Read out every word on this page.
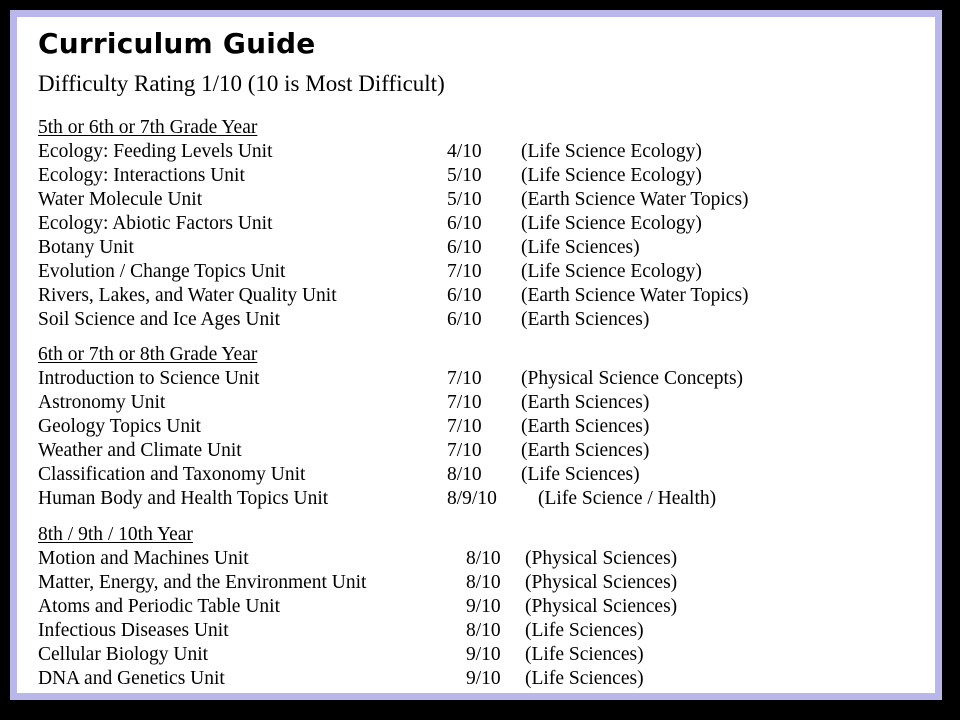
Curriculum Guide
Difficulty Rating 1/10 (10 is Most Difficult)
5th or 6th or 7th Grade Year
Ecology: Feeding Levels Unit	4/10 (Life Science Ecology)
Ecology: Interactions Unit	5/10 (Life Science Ecology)
Water Molecule Unit	5/10 (Earth Science Water Topics)
Ecology: Abiotic Factors Unit	6/10 (Life Science Ecology)
Botany Unit	6/10 (Life Sciences)
Evolution / Change Topics Unit	7/10 (Life Science Ecology)
Rivers, Lakes, and Water Quality Unit	6/10 (Earth Science Water Topics)
Soil Science and Ice Ages Unit	6/10 (Earth Sciences)
6th or 7th or 8th Grade Year
Introduction to Science Unit	7/10 (Physical Science Concepts)
Astronomy Unit	7/10 (Earth Sciences)
Geology Topics Unit	7/10 (Earth Sciences)
Weather and Climate Unit	7/10 (Earth Sciences)
Classification and Taxonomy Unit	8/10 (Life Sciences)
Human Body and Health Topics Unit	8/9/10 (Life Science / Health)
8th / 9th / 10th Year
Motion and Machines Unit	8/10 (Physical Sciences)
Matter, Energy, and the Environment Unit	8/10 (Physical Sciences)
Atoms and Periodic Table Unit	9/10 (Physical Sciences)
Infectious Diseases Unit	8/10 (Life Sciences)
Cellular Biology Unit	9/10 (Life Sciences)
DNA and Genetics Unit	9/10 (Life Sciences)
